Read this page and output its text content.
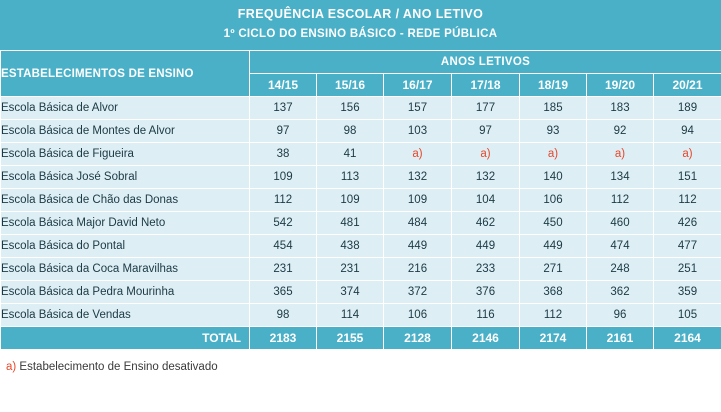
FREQUÊNCIA ESCOLAR / ANO LETIVO
1º CICLO DO ENSINO BÁSICO - REDE PÚBLICA
ESTABELECIMENTOS DE ENSINO	ANOS LETIVOS						
	14/15	15/16	16/17	17/18	18/19	19/20	20/21
Escola Básica de Alvor	137	156	157	177	185	183	189
Escola Básica de Montes de Alvor	97	98	103	97	93	92	94
Escola Básica de Figueira	38	41	a)	a)	a)	a)	a)
Escola Básica José Sobral	109	113	132	132	140	134	151
Escola Básica de Chão das Donas	112	109	109	104	106	112	112
Escola Básica Major David Neto	542	481	484	462	450	460	426
Escola Básica do Pontal	454	438	449	449	449	474	477
Escola Básica da Coca Maravilhas	231	231	216	233	271	248	251
Escola Básica da Pedra Mourinha	365	374	372	376	368	362	359
Escola Básica de Vendas	98	114	106	116	112	96	105
TOTAL	2183	2155	2128	2146	2174	2161	2164
a) Estabelecimento de Ensino desativado
